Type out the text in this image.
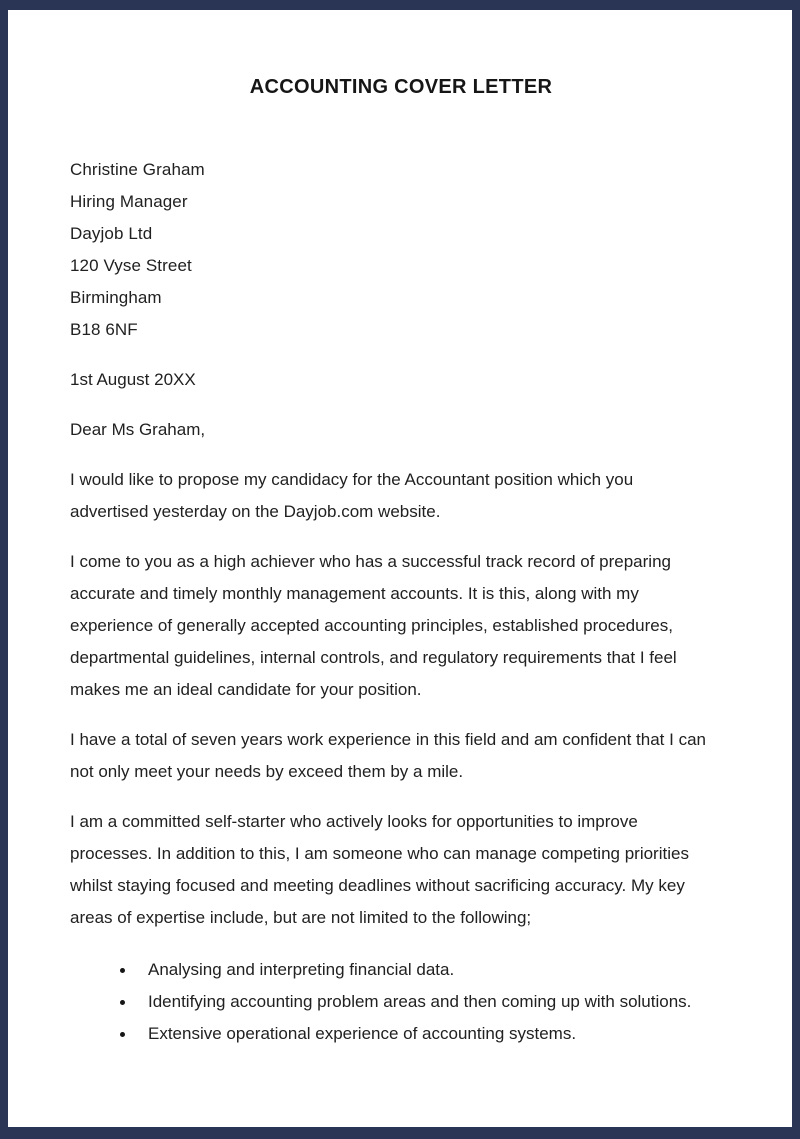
ACCOUNTING COVER LETTER
Christine Graham
Hiring Manager
Dayjob Ltd
120 Vyse Street
Birmingham
B18 6NF
1st August 20XX
Dear Ms Graham,
I would like to propose my candidacy for the Accountant position which you
advertised yesterday on the Dayjob.com website.
I come to you as a high achiever who has a successful track record of preparing
accurate and timely monthly management accounts. It is this, along with my
experience of generally accepted accounting principles, established procedures,
departmental guidelines, internal controls, and regulatory requirements that I feel
makes me an ideal candidate for your position.
I have a total of seven years work experience in this field and am confident that I can
not only meet your needs by exceed them by a mile.
I am a committed self-starter who actively looks for opportunities to improve
processes. In addition to this, I am someone who can manage competing priorities
whilst staying focused and meeting deadlines without sacrificing accuracy. My key
areas of expertise include, but are not limited to the following;
Analysing and interpreting financial data.
Identifying accounting problem areas and then coming up with solutions.
Extensive operational experience of accounting systems.
